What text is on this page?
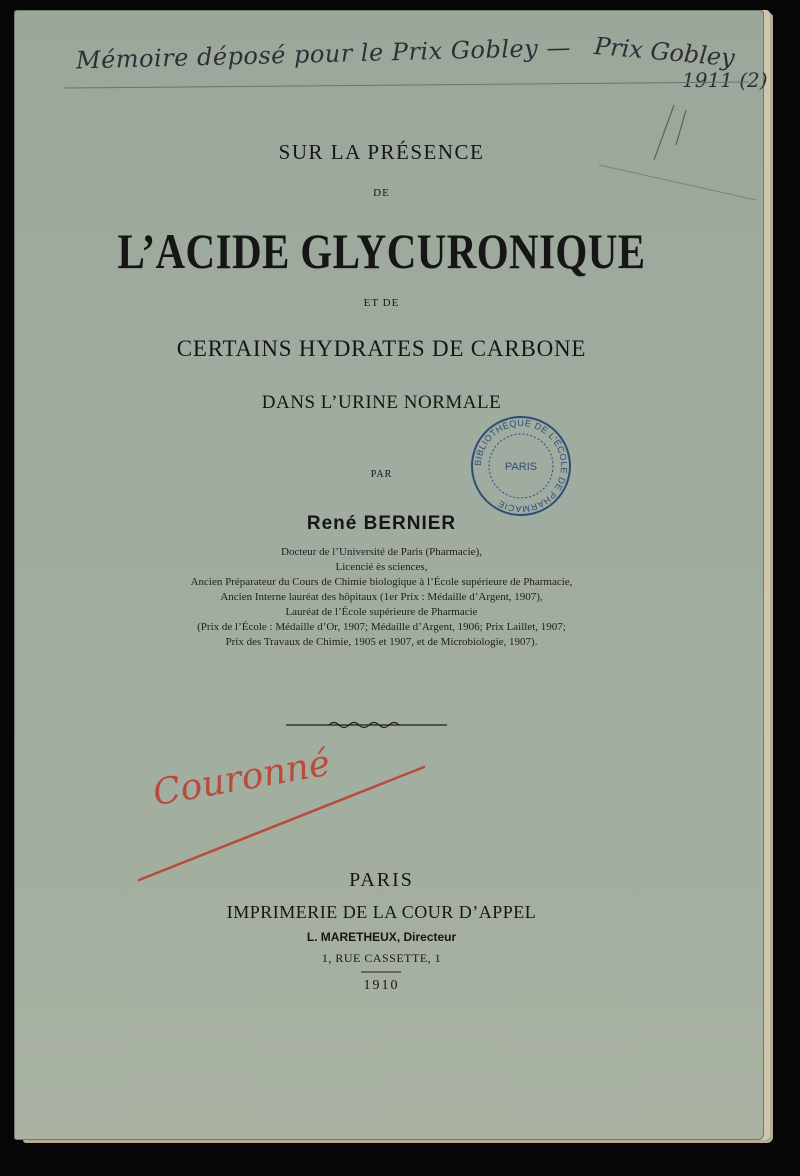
Mémoire déposé pour le Prix Gobley — Prix Gobley
1911 (2)
SUR LA PRÉSENCE
DE
L’ACIDE GLYCURONIQUE
ET DE
CERTAINS HYDRATES DE CARBONE
DANS L’URINE NORMALE
BIBLIOTHÈQUE DE L'ÉCOLE DE PHARMACIE
PARIS
PAR
René BERNIER
Docteur de l’Université de Paris (Pharmacie),
Licencié ès sciences,
Ancien Préparateur du Cours de Chimie biologique à l’École supérieure de Pharmacie,
Ancien Interne lauréat des hôpitaux (1er Prix : Médaille d’Argent, 1907),
Lauréat de l’École supérieure de Pharmacie
(Prix de l’École : Médaille d’Or, 1907; Médaille d’Argent, 1906; Prix Laillet, 1907;
Prix des Travaux de Chimie, 1905 et 1907, et de Microbiologie, 1907).
Couronné
PARIS
IMPRIMERIE DE LA COUR D’APPEL
L. MARETHEUX, Directeur
1, RUE CASSETTE, 1
1910
